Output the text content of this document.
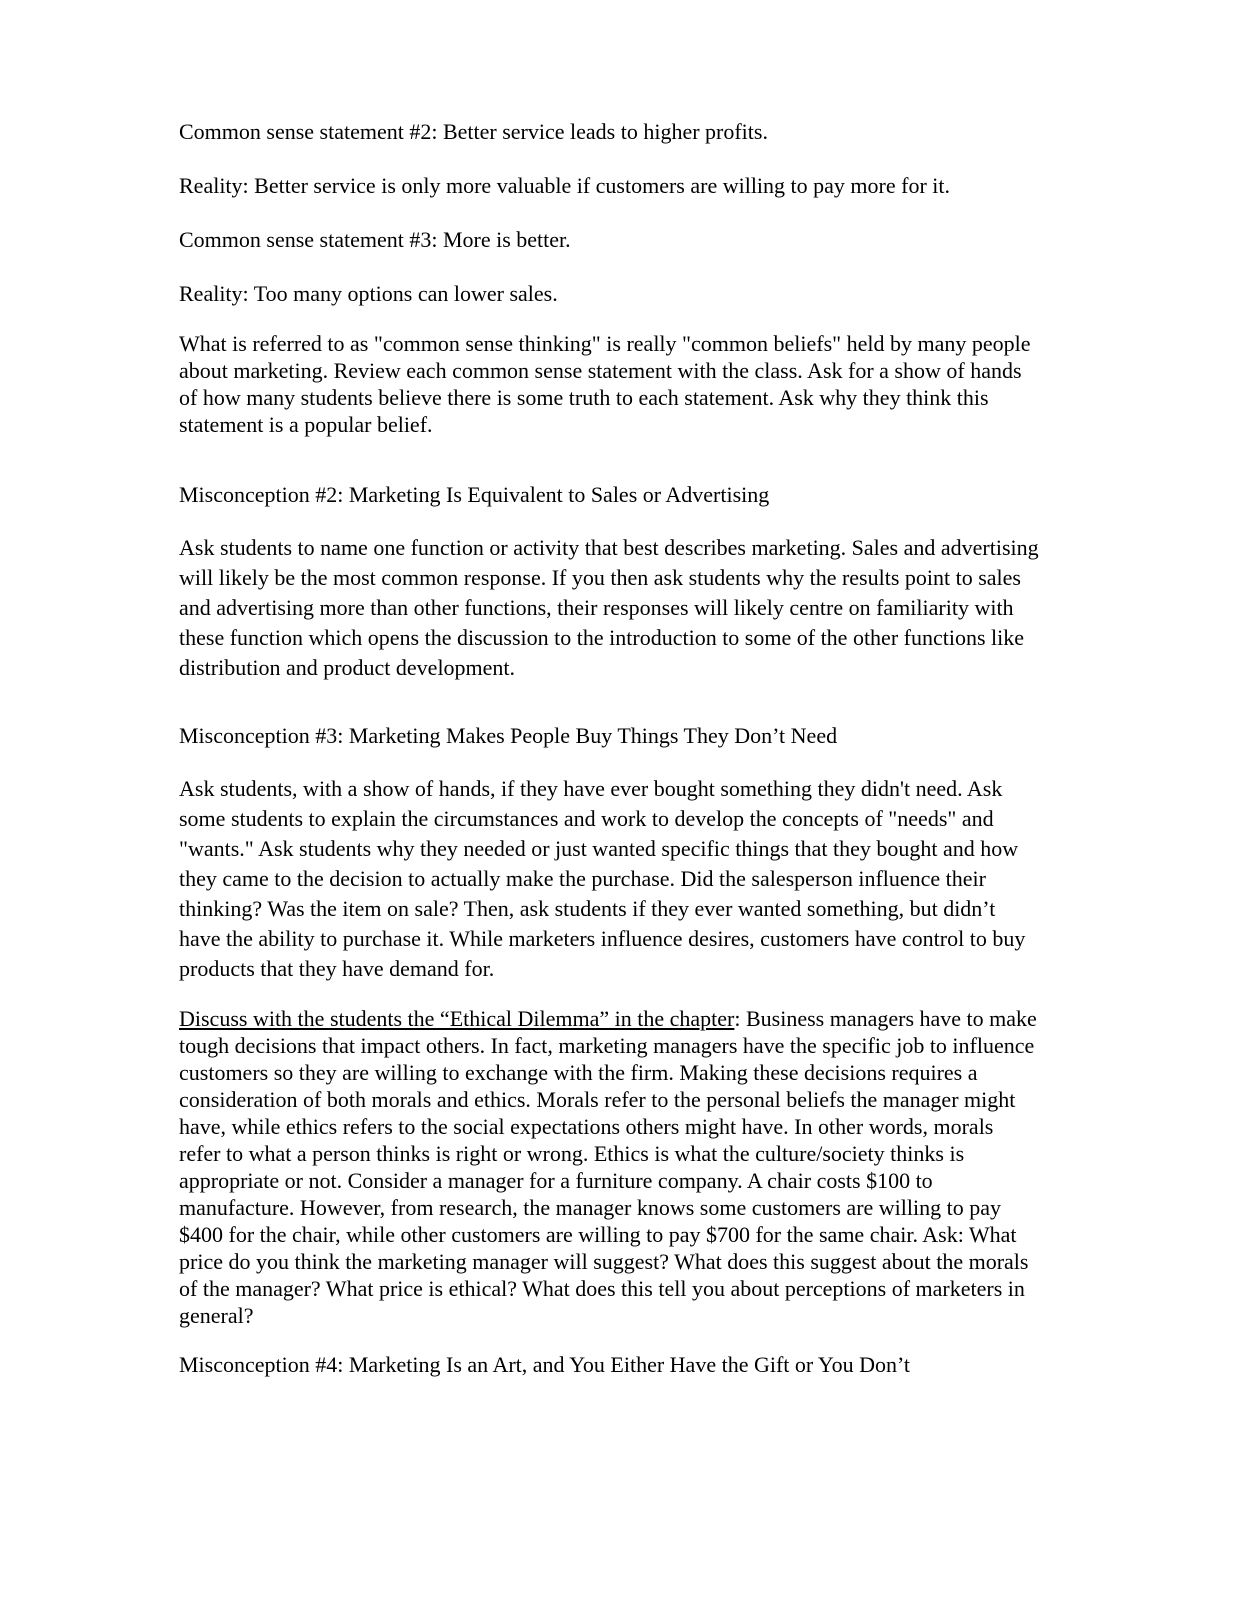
Common sense statement #2: Better service leads to higher profits.

Reality: Better service is only more valuable if customers are willing to pay more for it.

Common sense statement #3: More is better.

Reality: Too many options can lower sales.

What is referred to as "common sense thinking" is really "common beliefs" held by many people about marketing. Review each common sense statement with the class. Ask for a show of hands of how many students believe there is some truth to each statement. Ask why they think this statement is a popular belief.

Misconception #2: Marketing Is Equivalent to Sales or Advertising

Ask students to name one function or activity that best describes marketing. Sales and advertising will likely be the most common response. If you then ask students why the results point to sales and advertising more than other functions, their responses will likely centre on familiarity with these function which opens the discussion to the introduction to some of the other functions like distribution and product development.

Misconception #3: Marketing Makes People Buy Things They Don’t Need

Ask students, with a show of hands, if they have ever bought something they didn't need. Ask some students to explain the circumstances and work to develop the concepts of "needs" and "wants." Ask students why they needed or just wanted specific things that they bought and how they came to the decision to actually make the purchase. Did the salesperson influence their thinking? Was the item on sale? Then, ask students if they ever wanted something, but didn’t have the ability to purchase it. While marketers influence desires, customers have control to buy products that they have demand for.

Discuss with the students the “Ethical Dilemma” in the chapter: Business managers have to make tough decisions that impact others. In fact, marketing managers have the specific job to influence customers so they are willing to exchange with the firm. Making these decisions requires a consideration of both morals and ethics. Morals refer to the personal beliefs the manager might have, while ethics refers to the social expectations others might have. In other words, morals refer to what a person thinks is right or wrong. Ethics is what the culture/society thinks is appropriate or not. Consider a manager for a furniture company. A chair costs $100 to manufacture. However, from research, the manager knows some customers are willing to pay $400 for the chair, while other customers are willing to pay $700 for the same chair. Ask: What price do you think the marketing manager will suggest? What does this suggest about the morals of the manager? What price is ethical? What does this tell you about perceptions of marketers in general?

Misconception #4: Marketing Is an Art, and You Either Have the Gift or You Don’t
